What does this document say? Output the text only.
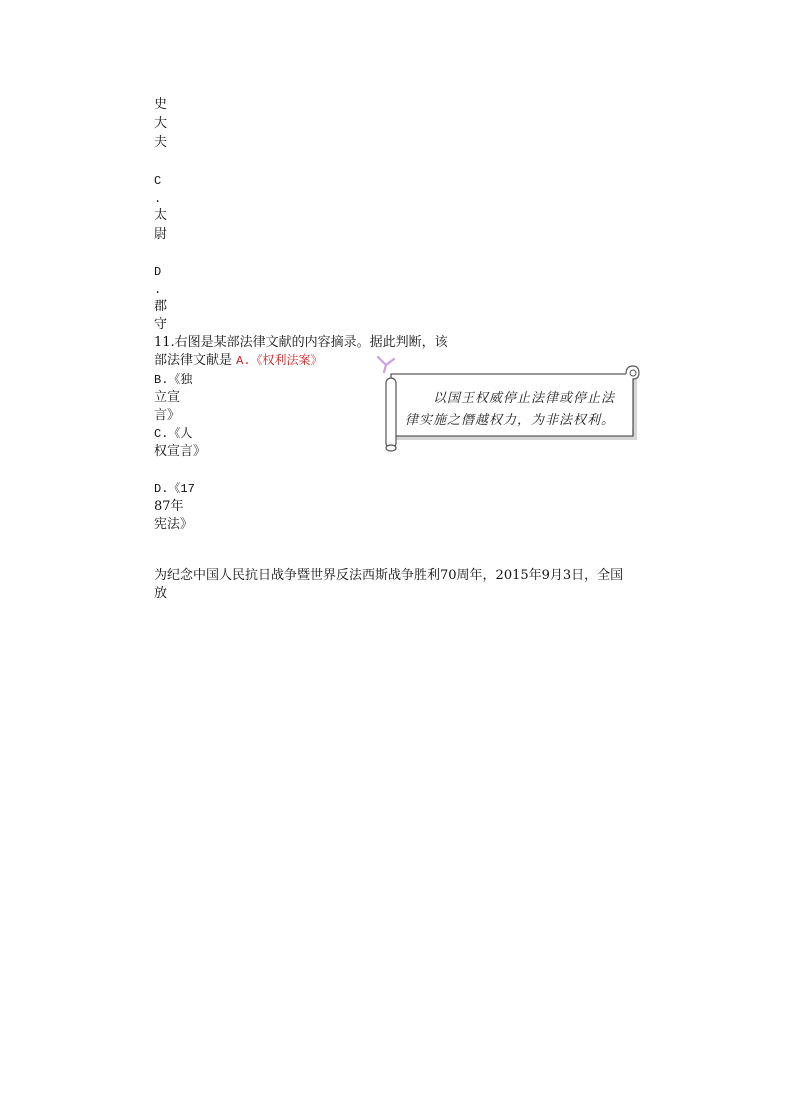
史
大
夫
C
.
太
尉
D
.
郡
守
11.右图是某部法律文献的内容摘录。据此判断，该
部法律文献是 A.《权利法案》
B.《独
立宣
言》
C.《人
权宣言》
D.《17
87年
宪法》
为纪念中国人民抗日战争暨世界反法西斯战争胜利70周年，2015年9月3日，全国
放
以国王权威停止法律或停止法
律实施之僭越权力，为非法权利。
